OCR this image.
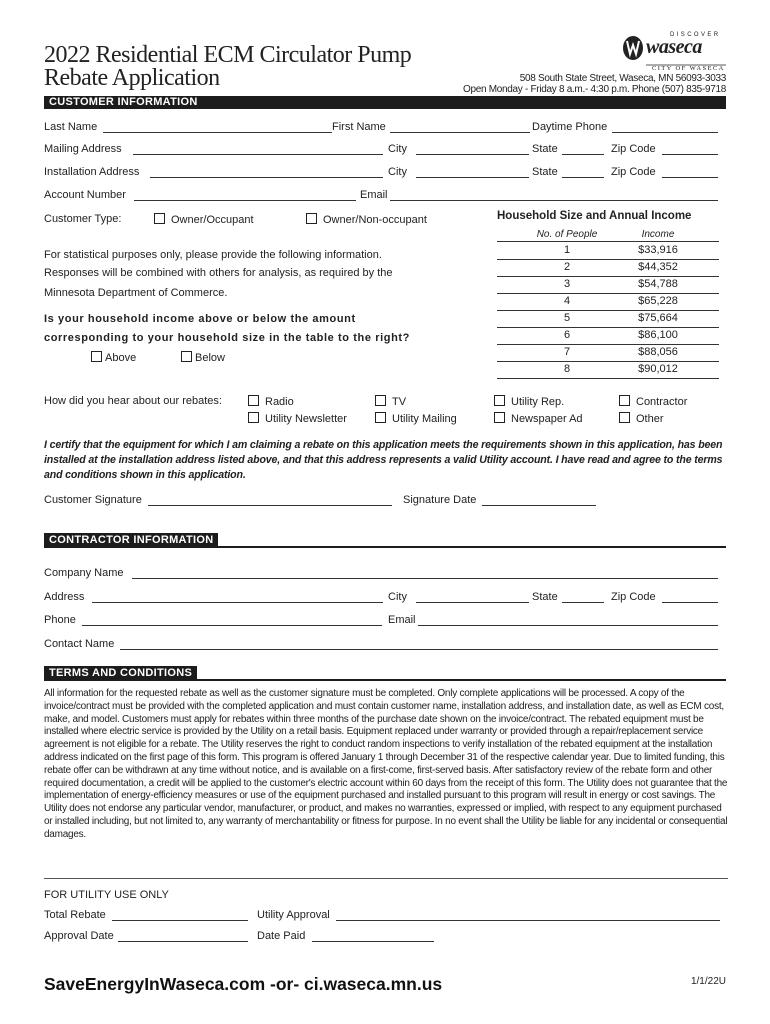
2022 Residential ECM Circulator Pump
Rebate Application
DISCOVER
waseca
CITY OF WASECA
508 South State Street, Waseca, MN 56093-3033
Open Monday - Friday 8 a.m.- 4:30 p.m. Phone (507) 835-9718
CUSTOMER INFORMATION
Last Name	First Name	Daytime Phone
Mailing Address	City	State	Zip Code
Installation Address	City	State	Zip Code
Account Number	Email
Customer Type:	Owner/Occupant	Owner/Non-occupant
For statistical purposes only, please provide the following information.
Responses will be combined with others for analysis, as required by the
Minnesota Department of Commerce.
Is your household income above or below the amount
corresponding to your household size in the table to the right?
Above	Below
Household Size and Annual Income
No. of People	Income
1	$33,916
2	$44,352
3	$54,788
4	$65,228
5	$75,664
6	$86,100
7	$88,056
8	$90,012
How did you hear about our rebates:	Radio	TV	Utility Rep.	Contractor
Utility Newsletter	Utility Mailing	Newspaper Ad	Other
I certify that the equipment for which I am claiming a rebate on this application meets the requirements shown in this application, has been installed at the installation address listed above, and that this address represents a valid Utility account. I have read and agree to the terms and conditions shown in this application.
Customer Signature	Signature Date
CONTRACTOR INFORMATION
Company Name
Address	City	State	Zip Code
Phone	Email
Contact Name
TERMS AND CONDITIONS
All information for the requested rebate as well as the customer signature must be completed. Only complete applications will be processed. A copy of the invoice/contract must be provided with the completed application and must contain customer name, installation address, and installation date, as well as ECM cost, make, and model. Customers must apply for rebates within three months of the purchase date shown on the invoice/contract. The rebated equipment must be installed where electric service is provided by the Utility on a retail basis. Equipment replaced under warranty or provided through a repair/replacement service agreement is not eligible for a rebate. The Utility reserves the right to conduct random inspections to verify installation of the rebated equipment at the installation address indicated on the first page of this form. This program is offered January 1 through December 31 of the respective calendar year. Due to limited funding, this rebate offer can be withdrawn at any time without notice, and is available on a first-come, first-served basis. After satisfactory review of the rebate form and other required documentation, a credit will be applied to the customer's electric account within 60 days from the receipt of this form. The Utility does not guarantee that the implementation of energy-efficiency measures or use of the equipment purchased and installed pursuant to this program will result in energy or cost savings. The Utility does not endorse any particular vendor, manufacturer, or product, and makes no warranties, expressed or implied, with respect to any equipment purchased or installed including, but not limited to, any warranty of merchantability or fitness for purpose. In no event shall the Utility be liable for any incidental or consequential damages.
FOR UTILITY USE ONLY
Total Rebate	Utility Approval
Approval Date	Date Paid
SaveEnergyInWaseca.com -or- ci.waseca.mn.us	1/1/22U
